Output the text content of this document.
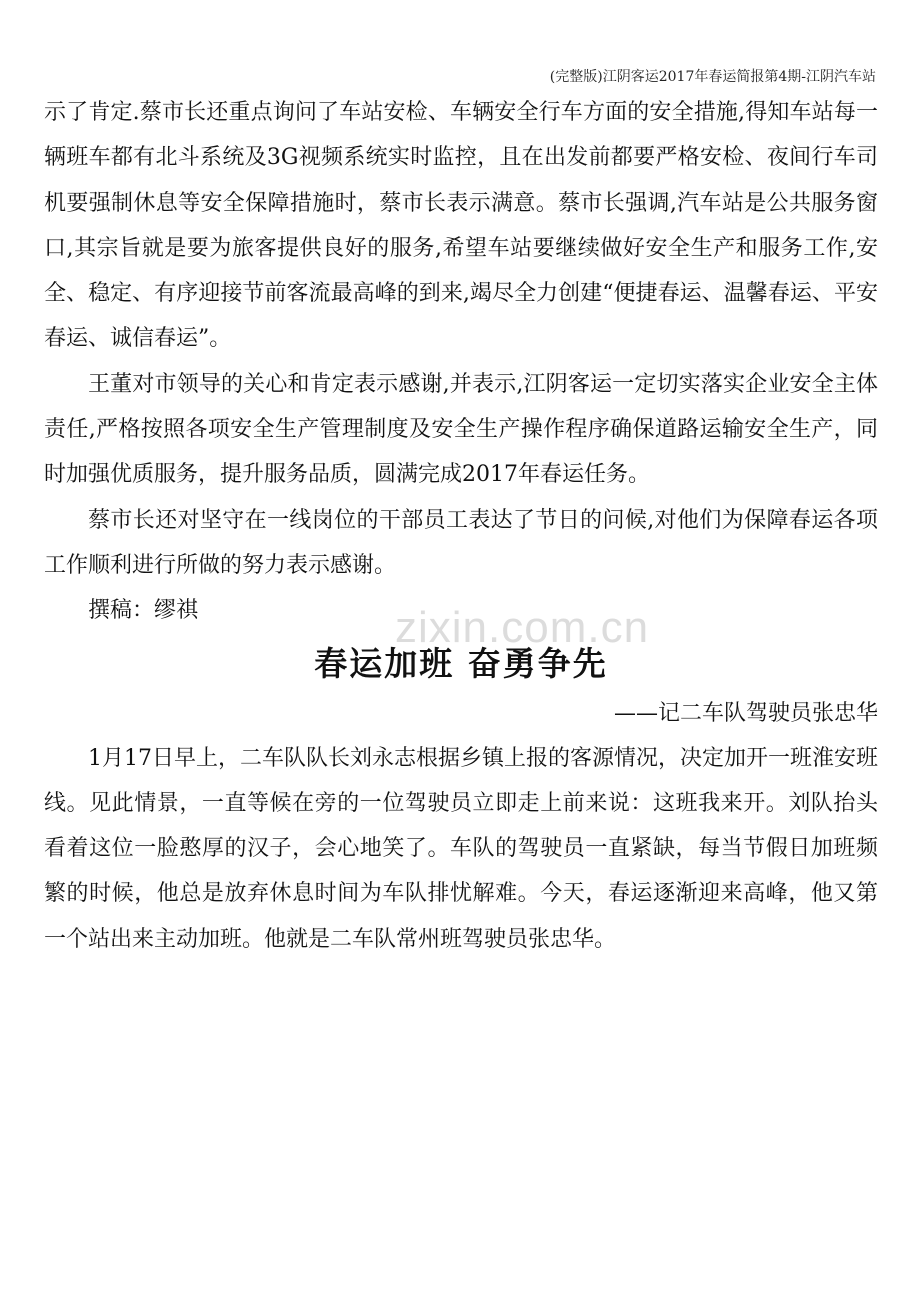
(完整版)江阴客运2017年春运简报第4期-江阴汽车站

示了肯定.蔡市长还重点询问了车站安检、车辆安全行车方面的安全措施,得知车站每一辆班车都有北斗系统及3G视频系统实时监控，且在出发前都要严格安检、夜间行车司机要强制休息等安全保障措施时，蔡市长表示满意。蔡市长强调,汽车站是公共服务窗口,其宗旨就是要为旅客提供良好的服务,希望车站要继续做好安全生产和服务工作,安全、稳定、有序迎接节前客流最高峰的到来,竭尽全力创建“便捷春运、温馨春运、平安春运、诚信春运”。

王董对市领导的关心和肯定表示感谢,并表示,江阴客运一定切实落实企业安全主体责任,严格按照各项安全生产管理制度及安全生产操作程序确保道路运输安全生产，同时加强优质服务，提升服务品质，圆满完成2017年春运任务。

蔡市长还对坚守在一线岗位的干部员工表达了节日的问候,对他们为保障春运各项工作顺利进行所做的努力表示感谢。

撰稿：缪祺

春运加班 奋勇争先

——记二车队驾驶员张忠华

1月17日早上，二车队队长刘永志根据乡镇上报的客源情况，决定加开一班淮安班线。见此情景，一直等候在旁的一位驾驶员立即走上前来说：这班我来开。刘队抬头看着这位一脸憨厚的汉子，会心地笑了。车队的驾驶员一直紧缺，每当节假日加班频繁的时候，他总是放弃休息时间为车队排忧解难。今天，春运逐渐迎来高峰，他又第一个站出来主动加班。他就是二车队常州班驾驶员张忠华。

zixin.com.cn
